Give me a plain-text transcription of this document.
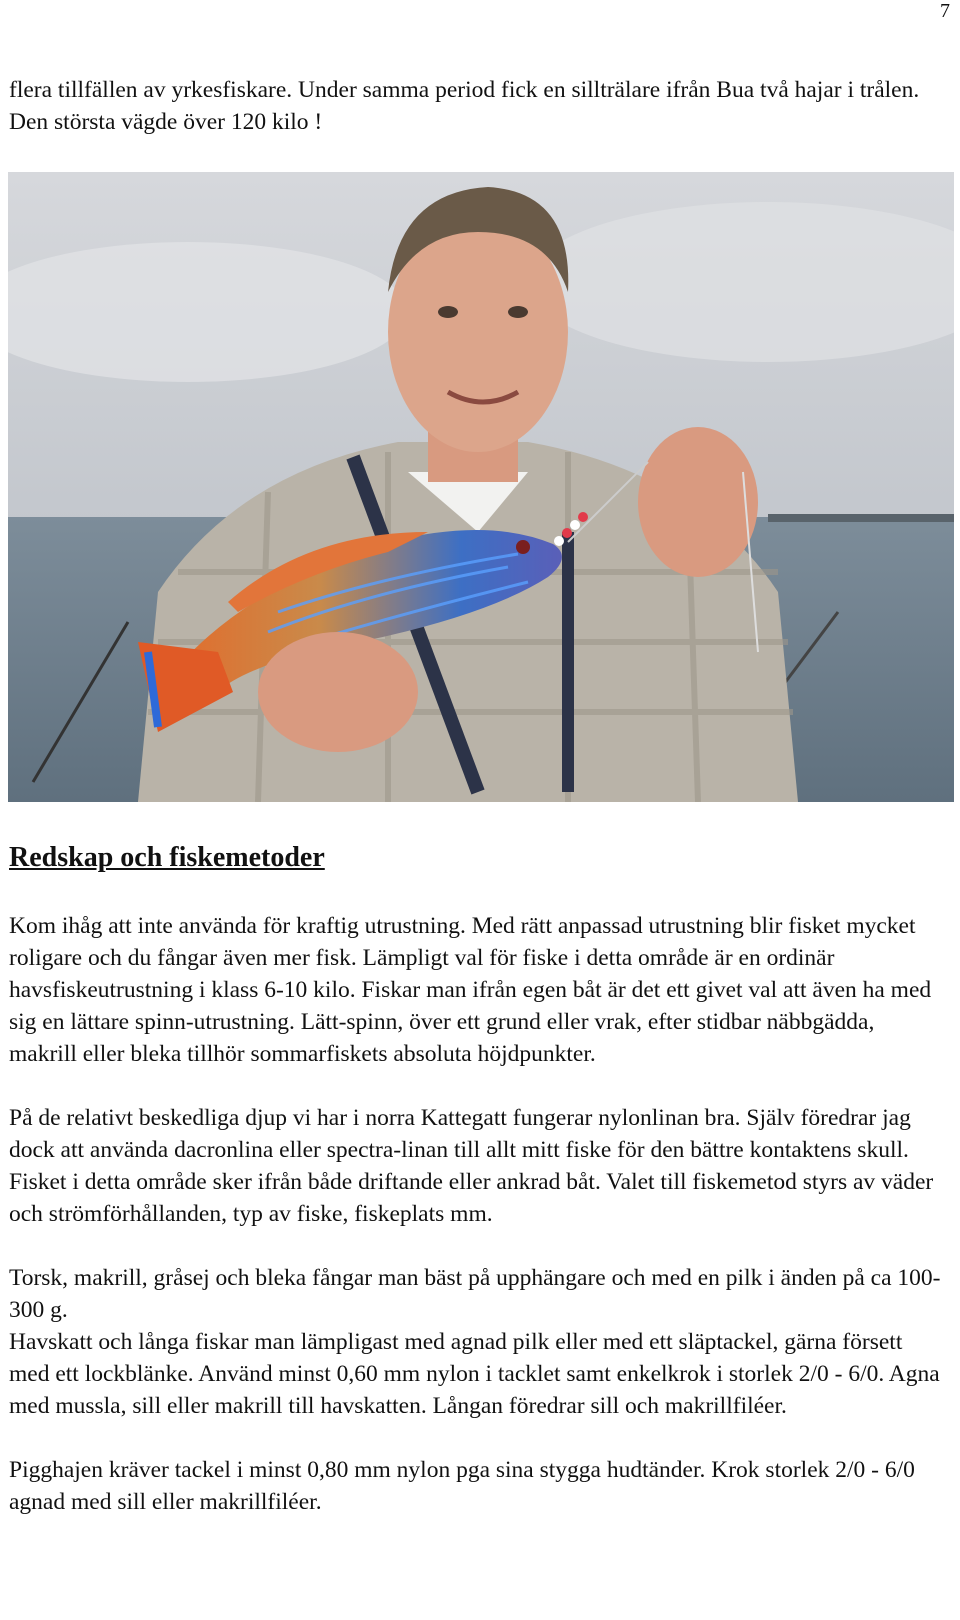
7

flera tillfällen av yrkesfiskare. Under samma period fick en sillträlare ifrån Bua två hajar i trålen. Den största vägde över 120 kilo !

Redskap och fiskemetoder

Kom ihåg att inte använda för kraftig utrustning. Med rätt anpassad utrustning blir fisket mycket roligare och du fångar även mer fisk. Lämpligt val för fiske i detta område är en ordinär havsfiskeutrustning i klass 6-10 kilo. Fiskar man ifrån egen båt är det ett givet val att även ha med sig en lättare spinn-utrustning. Lätt-spinn, över ett grund eller vrak, efter stidbar näbbgädda, makrill eller bleka tillhör sommarfiskets absoluta höjdpunkter.

På de relativt beskedliga djup vi har i norra Kattegatt fungerar nylonlinan bra. Själv föredrar jag dock att använda dacronlina eller spectra-linan till allt mitt fiske för den bättre kontaktens skull.

Fisket i detta område sker ifrån både driftande eller ankrad båt. Valet till fiskemetod styrs av väder och strömförhållanden, typ av fiske, fiskeplats mm.

Torsk, makrill, gråsej och bleka fångar man bäst på upphängare och med en pilk i änden på ca 100-300 g.

Havskatt och långa fiskar man lämpligast med agnad pilk eller med ett släptackel, gärna försett med ett lockblänke. Använd minst 0,60 mm nylon i tacklet samt enkelkrok i storlek 2/0 - 6/0. Agna med mussla, sill eller makrill till havskatten. Långan föredrar sill och makrillfiléer.

Pigghajen kräver tackel i minst 0,80 mm nylon pga sina stygga hudtänder. Krok storlek 2/0 - 6/0 agnad med sill eller makrillfiléer.
